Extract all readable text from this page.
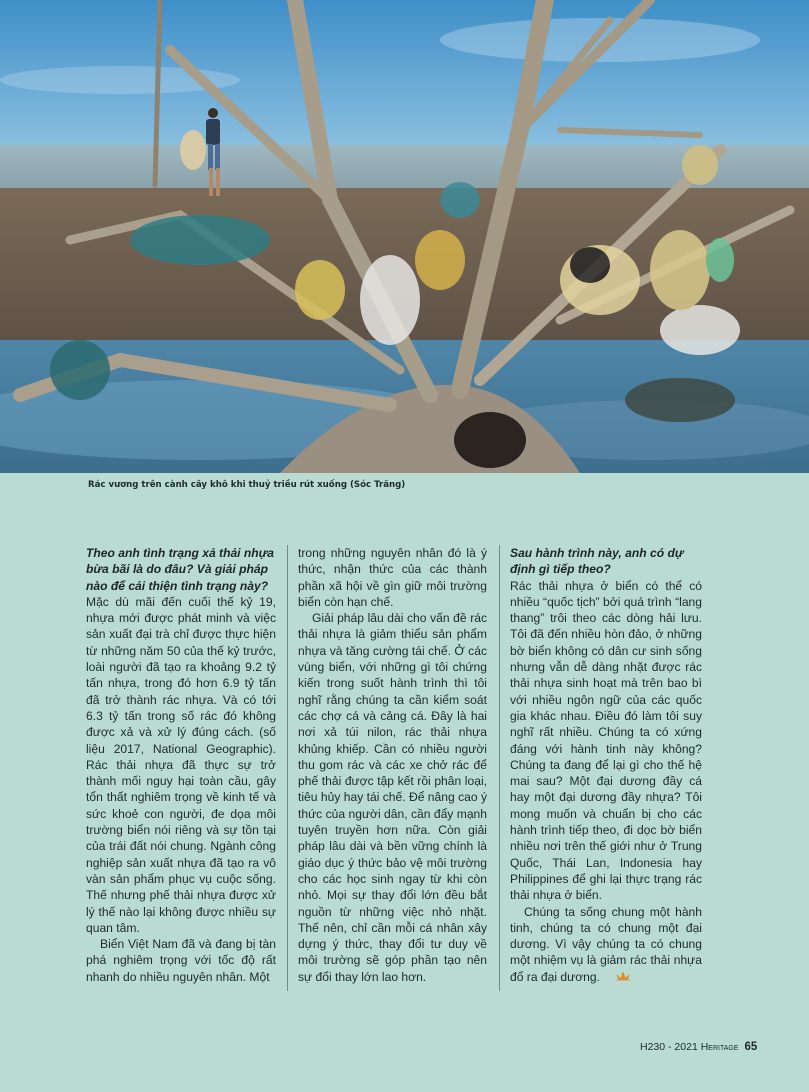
Rác vương trên cành cây khô khi thuỷ triều rút xuống (Sóc Trăng)

Theo anh tình trạng xả thải nhựa bừa bãi là do đâu? Và giải pháp nào để cải thiện tình trạng này?

Mặc dù mãi đến cuối thế kỷ 19, nhựa mới được phát minh và việc sản xuất đại trà chỉ được thực hiện từ những năm 50 của thế kỷ trước, loài người đã tạo ra khoảng 9.2 tỷ tấn nhựa, trong đó hơn 6.9 tỷ tấn đã trở thành rác nhựa. Và có tới 6.3 tỷ tấn trong số rác đó không được xả và xử lý đúng cách. (số liệu 2017, National Geographic). Rác thải nhựa đã thực sự trở thành mối nguy hại toàn cầu, gây tổn thất nghiêm trọng về kinh tế và sức khoẻ con người, đe dọa môi trường biển nói riêng và sự tồn tại của trái đất nói chung. Ngành công nghiệp sản xuất nhựa đã tạo ra vô vàn sản phẩm phục vụ cuộc sống. Thế nhưng phế thải nhựa được xử lý thế nào lại không được nhiều sự quan tâm.

Biển Việt Nam đã và đang bị tàn phá nghiêm trọng với tốc độ rất nhanh do nhiều nguyên nhân. Một

trong những nguyên nhân đó là ý thức, nhận thức của các thành phần xã hội về gìn giữ môi trường biển còn hạn chế.

Giải pháp lâu dài cho vấn đề rác thải nhựa là giảm thiểu sản phẩm nhựa và tăng cường tái chế. Ở các vùng biển, với những gì tôi chứng kiến trong suốt hành trình thì tôi nghĩ rằng chúng ta cần kiểm soát các chợ cá và cảng cá. Đây là hai nơi xả túi nilon, rác thải nhựa khủng khiếp. Cần có nhiều người thu gom rác và các xe chở rác để phế thải được tập kết rồi phân loại, tiêu hủy hay tái chế. Để nâng cao ý thức của người dân, cần đẩy mạnh tuyên truyền hơn nữa. Còn giải pháp lâu dài và bền vững chính là giáo dục ý thức bảo vệ môi trường cho các học sinh ngay từ khi còn nhỏ. Mọi sự thay đổi lớn đều bắt nguồn từ những việc nhỏ nhặt. Thế nên, chỉ cần mỗi cá nhân xây dựng ý thức, thay đổi tư duy về môi trường sẽ góp phần tạo nên sự đổi thay lớn lao hơn.

Sau hành trình này, anh có dự định gì tiếp theo?

Rác thải nhựa ở biển có thể có nhiều “quốc tịch” bởi quá trình “lang thang” trôi theo các dòng hải lưu. Tôi đã đến nhiều hòn đảo, ở những bờ biển không có dân cư sinh sống nhưng vẫn dễ dàng nhặt được rác thải nhựa sinh hoạt mà trên bao bì với nhiều ngôn ngữ của các quốc gia khác nhau. Điều đó làm tôi suy nghĩ rất nhiều. Chúng ta có xứng đáng với hành tinh này không? Chúng ta đang để lại gì cho thế hệ mai sau? Một đại dương đầy cá hay một đại dương đầy nhựa? Tôi mong muốn và chuẩn bị cho các hành trình tiếp theo, đi dọc bờ biển nhiều nơi trên thế giới như ở Trung Quốc, Thái Lan, Indonesia hay Philippines để ghi lại thực trạng rác thải nhựa ở biển.

Chúng ta sống chung một hành tinh, chúng ta có chung một đại dương. Vì vậy chúng ta có chung một nhiệm vụ là giảm rác thải nhựa đổ ra đại dương.

H230 - 2021 Heritage 65
